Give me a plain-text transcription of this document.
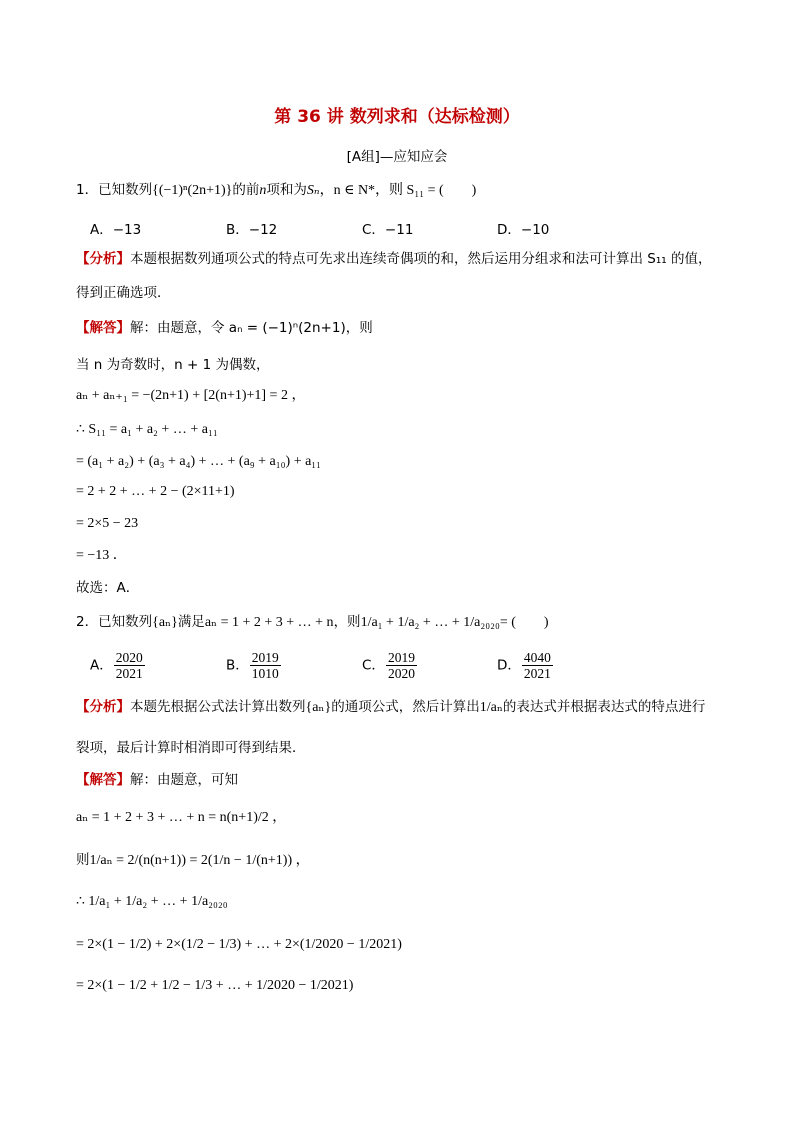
第 36 讲 数列求和（达标检测）
[A组]—应知应会
1．已知数列{(−1)ⁿ(2n+1)}的前n项和为Sₙ，n ∈ N*，则 S₁₁ = (　　)
A．−13	B．−12	C．−11	D．−10
【分析】本题根据数列通项公式的特点可先求出连续奇偶项的和，然后运用分组求和法可计算出 S₁₁ 的值，
得到正确选项．
【解答】解：由题意，令 aₙ = (−1)ⁿ(2n+1)，则
当 n 为奇数时，n + 1 为偶数，
aₙ + aₙ₊₁ = −(2n+1) + [2(n+1)+1] = 2 ，
∴ S₁₁ = a₁ + a₂ + … + a₁₁
= (a₁ + a₂) + (a₃ + a₄) + … + (a₉ + a₁₀) + a₁₁
= 2 + 2 + … + 2 − (2×11+1)
= 2×5 − 23
= −13 ．
故选：A．
2．已知数列{aₙ}满足aₙ = 1 + 2 + 3 + … + n，则1/a₁ + 1/a₂ + … + 1/a₂₀₂₀= (　　)
A． $\frac{2020}{2021}$	B． $\frac{2019}{1010}$	C． $\frac{2019}{2020}$	D． $\frac{4040}{2021}$
【分析】本题先根据公式法计算出数列{aₙ}的通项公式，然后计算出1/aₙ的表达式并根据表达式的特点进行
裂项，最后计算时相消即可得到结果．
【解答】解：由题意，可知
aₙ = 1 + 2 + 3 + … + n = n(n+1)/2 ，
则1/aₙ = 2/(n(n+1)) = 2(1/n − 1/(n+1)) ，
∴ 1/a₁ + 1/a₂ + … + 1/a₂₀₂₀
= 2×(1 − 1/2) + 2×(1/2 − 1/3) + … + 2×(1/2020 − 1/2021)
= 2×(1 − 1/2 + 1/2 − 1/3 + … + 1/2020 − 1/2021)
